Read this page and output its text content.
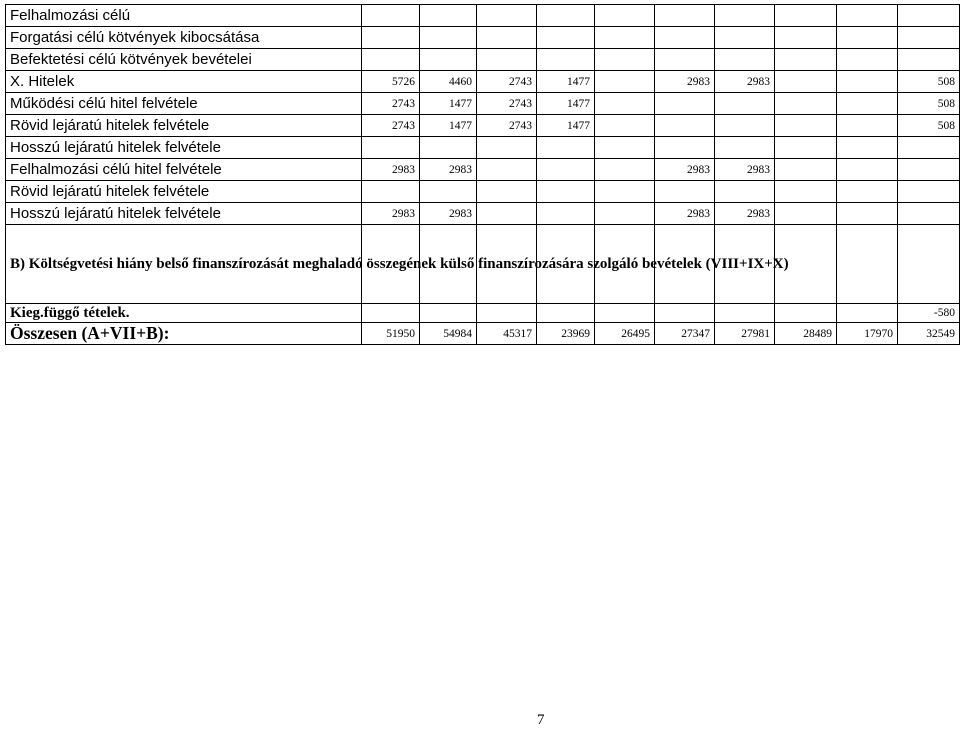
Felhalmozási célú										
Forgatási célú kötvények kibocsátása										
Befektetési célú kötvények bevételei										
X. Hitelek	5726	4460	2743	1477		2983	2983			508
Működési célú hitel felvétele	2743	1477	2743	1477						508
Rövid lejáratú hitelek felvétele	2743	1477	2743	1477						508
Hosszú lejáratú hitelek felvétele										
Felhalmozási célú hitel felvétele	2983	2983				2983	2983			
Rövid lejáratú hitelek felvétele										
Hosszú lejáratú hitelek felvétele	2983	2983				2983	2983			
B) Költségvetési hiány belső finanszírozását meghaladó összegének külső finanszírozására szolgáló bevételek (VIII+IX+X)										
Kieg.függő tételek.										-580
Összesen (A+VII+B):	51950	54984	45317	23969	26495	27347	27981	28489	17970	32549
7
